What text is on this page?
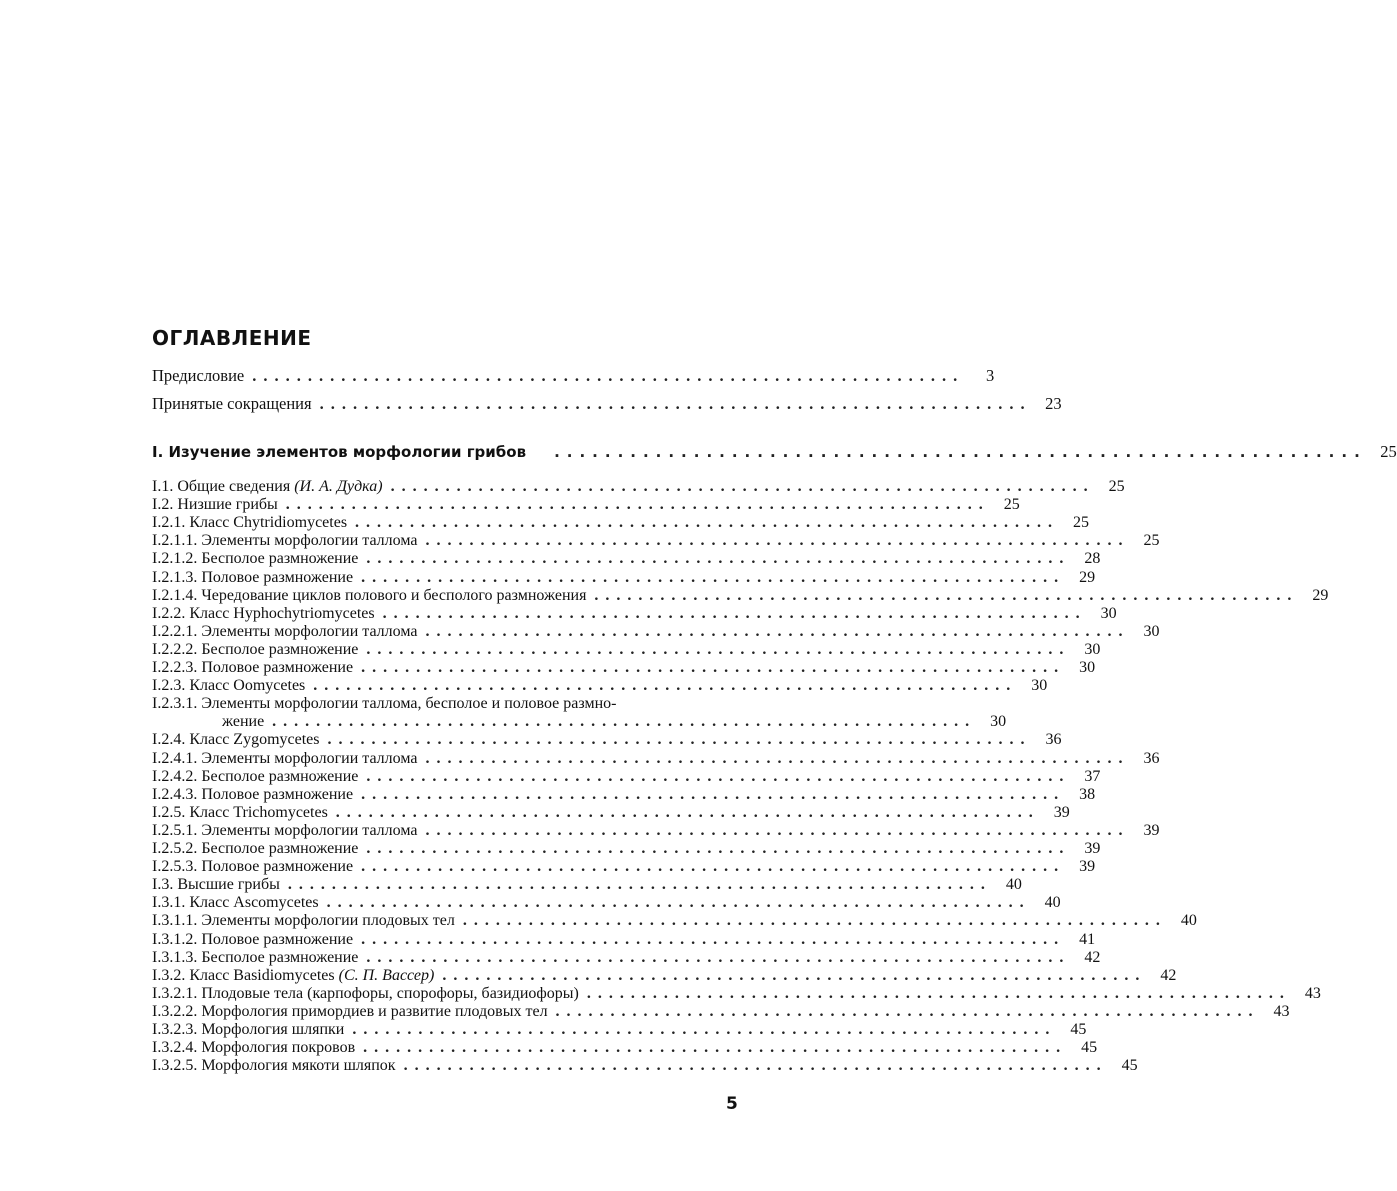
ОГЛАВЛЕНИЕ
Предисловие ................................................................	3
Принятые сокращения ................................................................ 23
I. Изучение элементов морфологии грибов ................................................................ 25
I.1. Общие сведения (И. А. Дудка) ................................................................ 25
I.2. Низшие грибы ................................................................ 25
I.2.1. Класс Chytridiomycetes ................................................................ 25
I.2.1.1. Элементы морфологии таллома ................................................................ 25
I.2.1.2. Бесполое размножение ................................................................ 28
I.2.1.3. Половое размножение ................................................................ 29
I.2.1.4. Чередование циклов полового и бесполого размножения ................................................................ 29
I.2.2. Класс Hyphochytriomycetes ................................................................ 30
I.2.2.1. Элементы морфологии таллома ................................................................ 30
I.2.2.2. Бесполое размножение ................................................................ 30
I.2.2.3. Половое размножение ................................................................ 30
I.2.3. Класс Oomycetes ................................................................ 30
I.2.3.1. Элементы морфологии таллома, бесполое и половое размно-
жение ................................................................ 30
I.2.4. Класс Zygomycetes ................................................................ 36
I.2.4.1. Элементы морфологии таллома ................................................................ 36
I.2.4.2. Бесполое размножение ................................................................ 37
I.2.4.3. Половое размножение ................................................................ 38
I.2.5. Класс Trichomycetes ................................................................ 39
I.2.5.1. Элементы морфологии таллома ................................................................ 39
I.2.5.2. Бесполое размножение ................................................................ 39
I.2.5.3. Половое размножение ................................................................ 39
I.3. Высшие грибы ................................................................ 40
I.3.1. Класс Ascomycetes ................................................................ 40
I.3.1.1. Элементы морфологии плодовых тел ................................................................ 40
I.3.1.2. Половое размножение ................................................................ 41
I.3.1.3. Бесполое размножение ................................................................ 42
I.3.2. Класс Basidiomycetes (С. П. Вассер) ................................................................ 42
I.3.2.1. Плодовые тела (карпофоры, спорофоры, базидиофоры) ................................................................ 43
I.3.2.2. Морфология примордиев и развитие плодовых тел ................................................................ 43
I.3.2.3. Морфология шляпки ................................................................ 45
I.3.2.4. Морфология покровов ................................................................ 45
I.3.2.5. Морфология мякоти шляпок ................................................................ 45
5
